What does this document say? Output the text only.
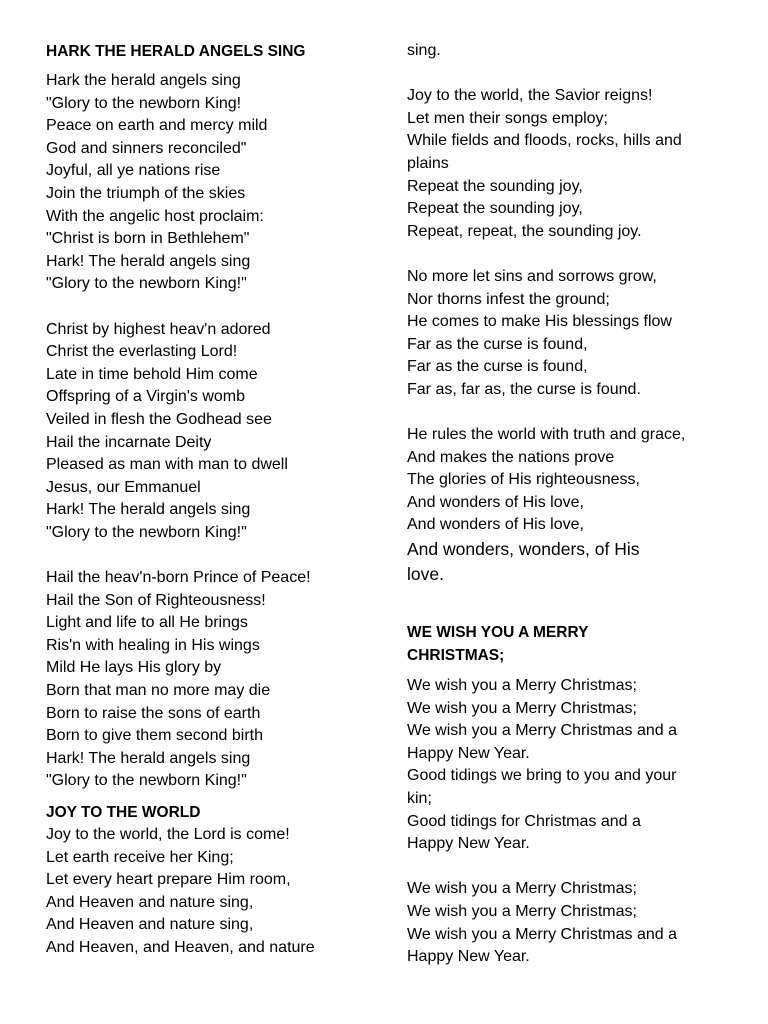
HARK THE HERALD ANGELS SING
Hark the herald angels sing
"Glory to the newborn King!
Peace on earth and mercy mild
God and sinners reconciled"
Joyful, all ye nations rise
Join the triumph of the skies
With the angelic host proclaim:
"Christ is born in Bethlehem"
Hark! The herald angels sing
"Glory to the newborn King!"
Christ by highest heav'n adored
Christ the everlasting Lord!
Late in time behold Him come
Offspring of a Virgin's womb
Veiled in flesh the Godhead see
Hail the incarnate Deity
Pleased as man with man to dwell
Jesus, our Emmanuel
Hark! The herald angels sing
"Glory to the newborn King!"
Hail the heav'n-born Prince of Peace!
Hail the Son of Righteousness!
Light and life to all He brings
Ris'n with healing in His wings
Mild He lays His glory by
Born that man no more may die
Born to raise the sons of earth
Born to give them second birth
Hark! The herald angels sing
"Glory to the newborn King!"
JOY TO THE WORLD
Joy to the world, the Lord is come!
Let earth receive her King;
Let every heart prepare Him room,
And Heaven and nature sing,
And Heaven and nature sing,
And Heaven, and Heaven, and nature
sing.
Joy to the world, the Savior reigns!
Let men their songs employ;
While fields and floods, rocks, hills and
plains
Repeat the sounding joy,
Repeat the sounding joy,
Repeat, repeat, the sounding joy.
No more let sins and sorrows grow,
Nor thorns infest the ground;
He comes to make His blessings flow
Far as the curse is found,
Far as the curse is found,
Far as, far as, the curse is found.
He rules the world with truth and grace,
And makes the nations prove
The glories of His righteousness,
And wonders of His love,
And wonders of His love,
And wonders, wonders, of His
love.
WE WISH YOU A MERRY
CHRISTMAS;
We wish you a Merry Christmas;
We wish you a Merry Christmas;
We wish you a Merry Christmas and a
Happy New Year.
Good tidings we bring to you and your
kin;
Good tidings for Christmas and a
Happy New Year.
We wish you a Merry Christmas;
We wish you a Merry Christmas;
We wish you a Merry Christmas and a
Happy New Year.
